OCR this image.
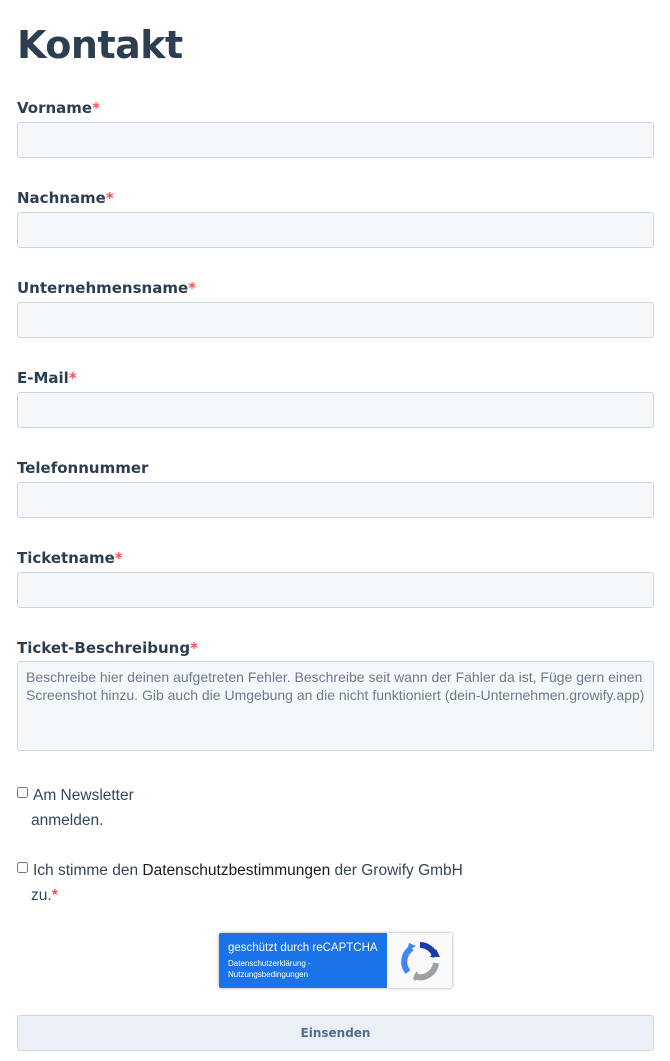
Kontakt
Vorname*
Nachname*
Unternehmensname*
E-Mail*
Telefonnummer
Ticketname*
Ticket-Beschreibung*
Beschreibe hier deinen aufgetreten Fehler. Beschreibe seit wann der Fahler da ist, Füge gern einen Screenshot hinzu. Gib auch die Umgebung an die nicht funktioniert (dein-Unternehmen.growify.app)
Am Newsletter
anmelden.
Ich stimme den Datenschutzbestimmungen der Growify GmbH
zu.*
geschützt durch reCAPTCHA
Datenschutzerklärung -
Nutzungsbedingungen
Einsenden
